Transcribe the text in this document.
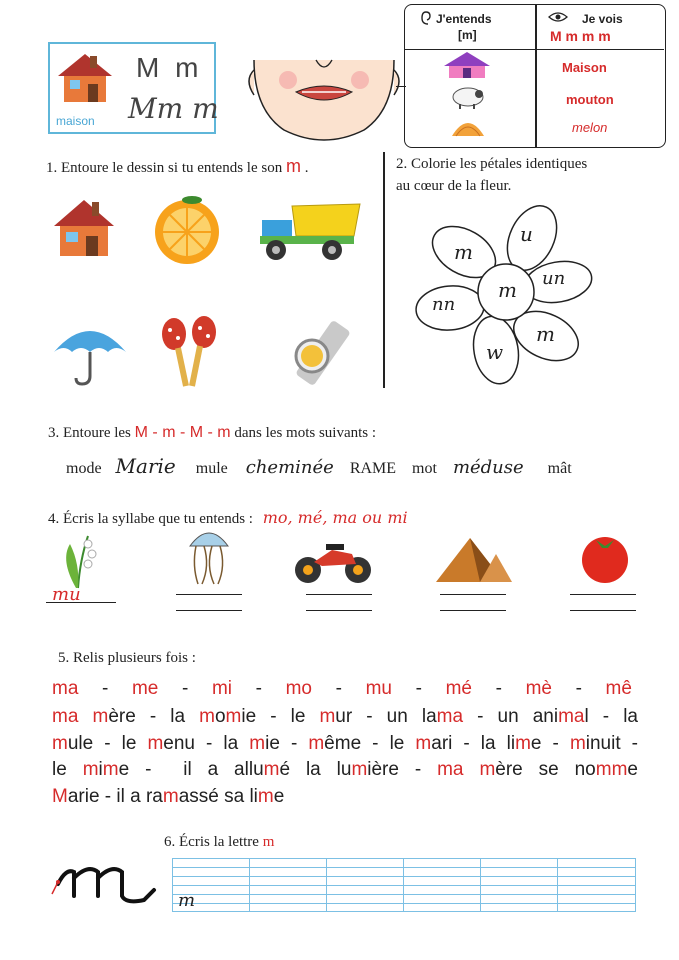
M m
Mm m
maison
J'entends
[m]
Je vois
M m m m
Maison
mouton
melon
1. Entoure le dessin si tu entends le son m .	2. Colorie les pétales identiques
au cœur de la fleur.
m
u
un
m
w
nn
m
3. Entoure les M - m - M - m dans les mots suivants :
mode Marie mule cheminée RAME mot méduse mât
4. Écris la syllabe que tu entends : mo, mé, ma ou mi
mu
5. Relis plusieurs fois :
ma - me - mi - mo - mu - mé - mè - mê
ma mère - la momie - le mur - un lama - un animal - la
mule - le menu - la mie - même - le mari - la lime - minuit -
le mime -  il a allumé la lumière - ma mère se nomme
Marie - il a ramassé sa lime
6. Écris la lettre m
m
